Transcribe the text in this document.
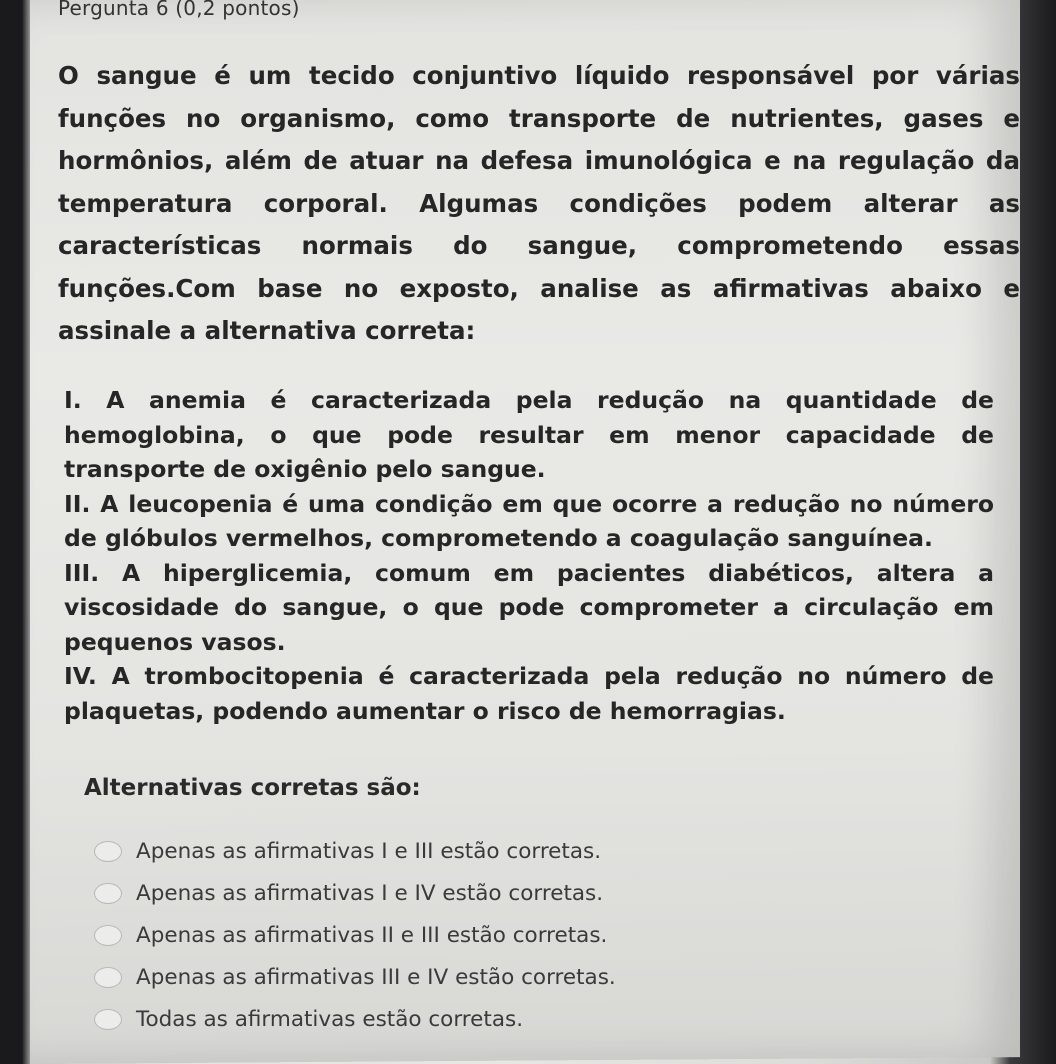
Pergunta 6 (0,2 pontos)
O sangue é um tecido conjuntivo líquido responsável por várias funções no organismo, como transporte de nutrientes, gases e hormônios, além de atuar na defesa imunológica e na regulação da temperatura corporal. Algumas condições podem alterar as características normais do sangue, comprometendo essas funções.Com base no exposto, analise as afirmativas abaixo e assinale a alternativa correta:
I. A anemia é caracterizada pela redução na quantidade de hemoglobina, o que pode resultar em menor capacidade de transporte de oxigênio pelo sangue.
II. A leucopenia é uma condição em que ocorre a redução no número de glóbulos vermelhos, comprometendo a coagulação sanguínea.
III. A hiperglicemia, comum em pacientes diabéticos, altera a viscosidade do sangue, o que pode comprometer a circulação em pequenos vasos.
IV. A trombocitopenia é caracterizada pela redução no número de plaquetas, podendo aumentar o risco de hemorragias.
Alternativas corretas são:
Apenas as afirmativas I e III estão corretas.
Apenas as afirmativas I e IV estão corretas.
Apenas as afirmativas II e III estão corretas.
Apenas as afirmativas III e IV estão corretas.
Todas as afirmativas estão corretas.
